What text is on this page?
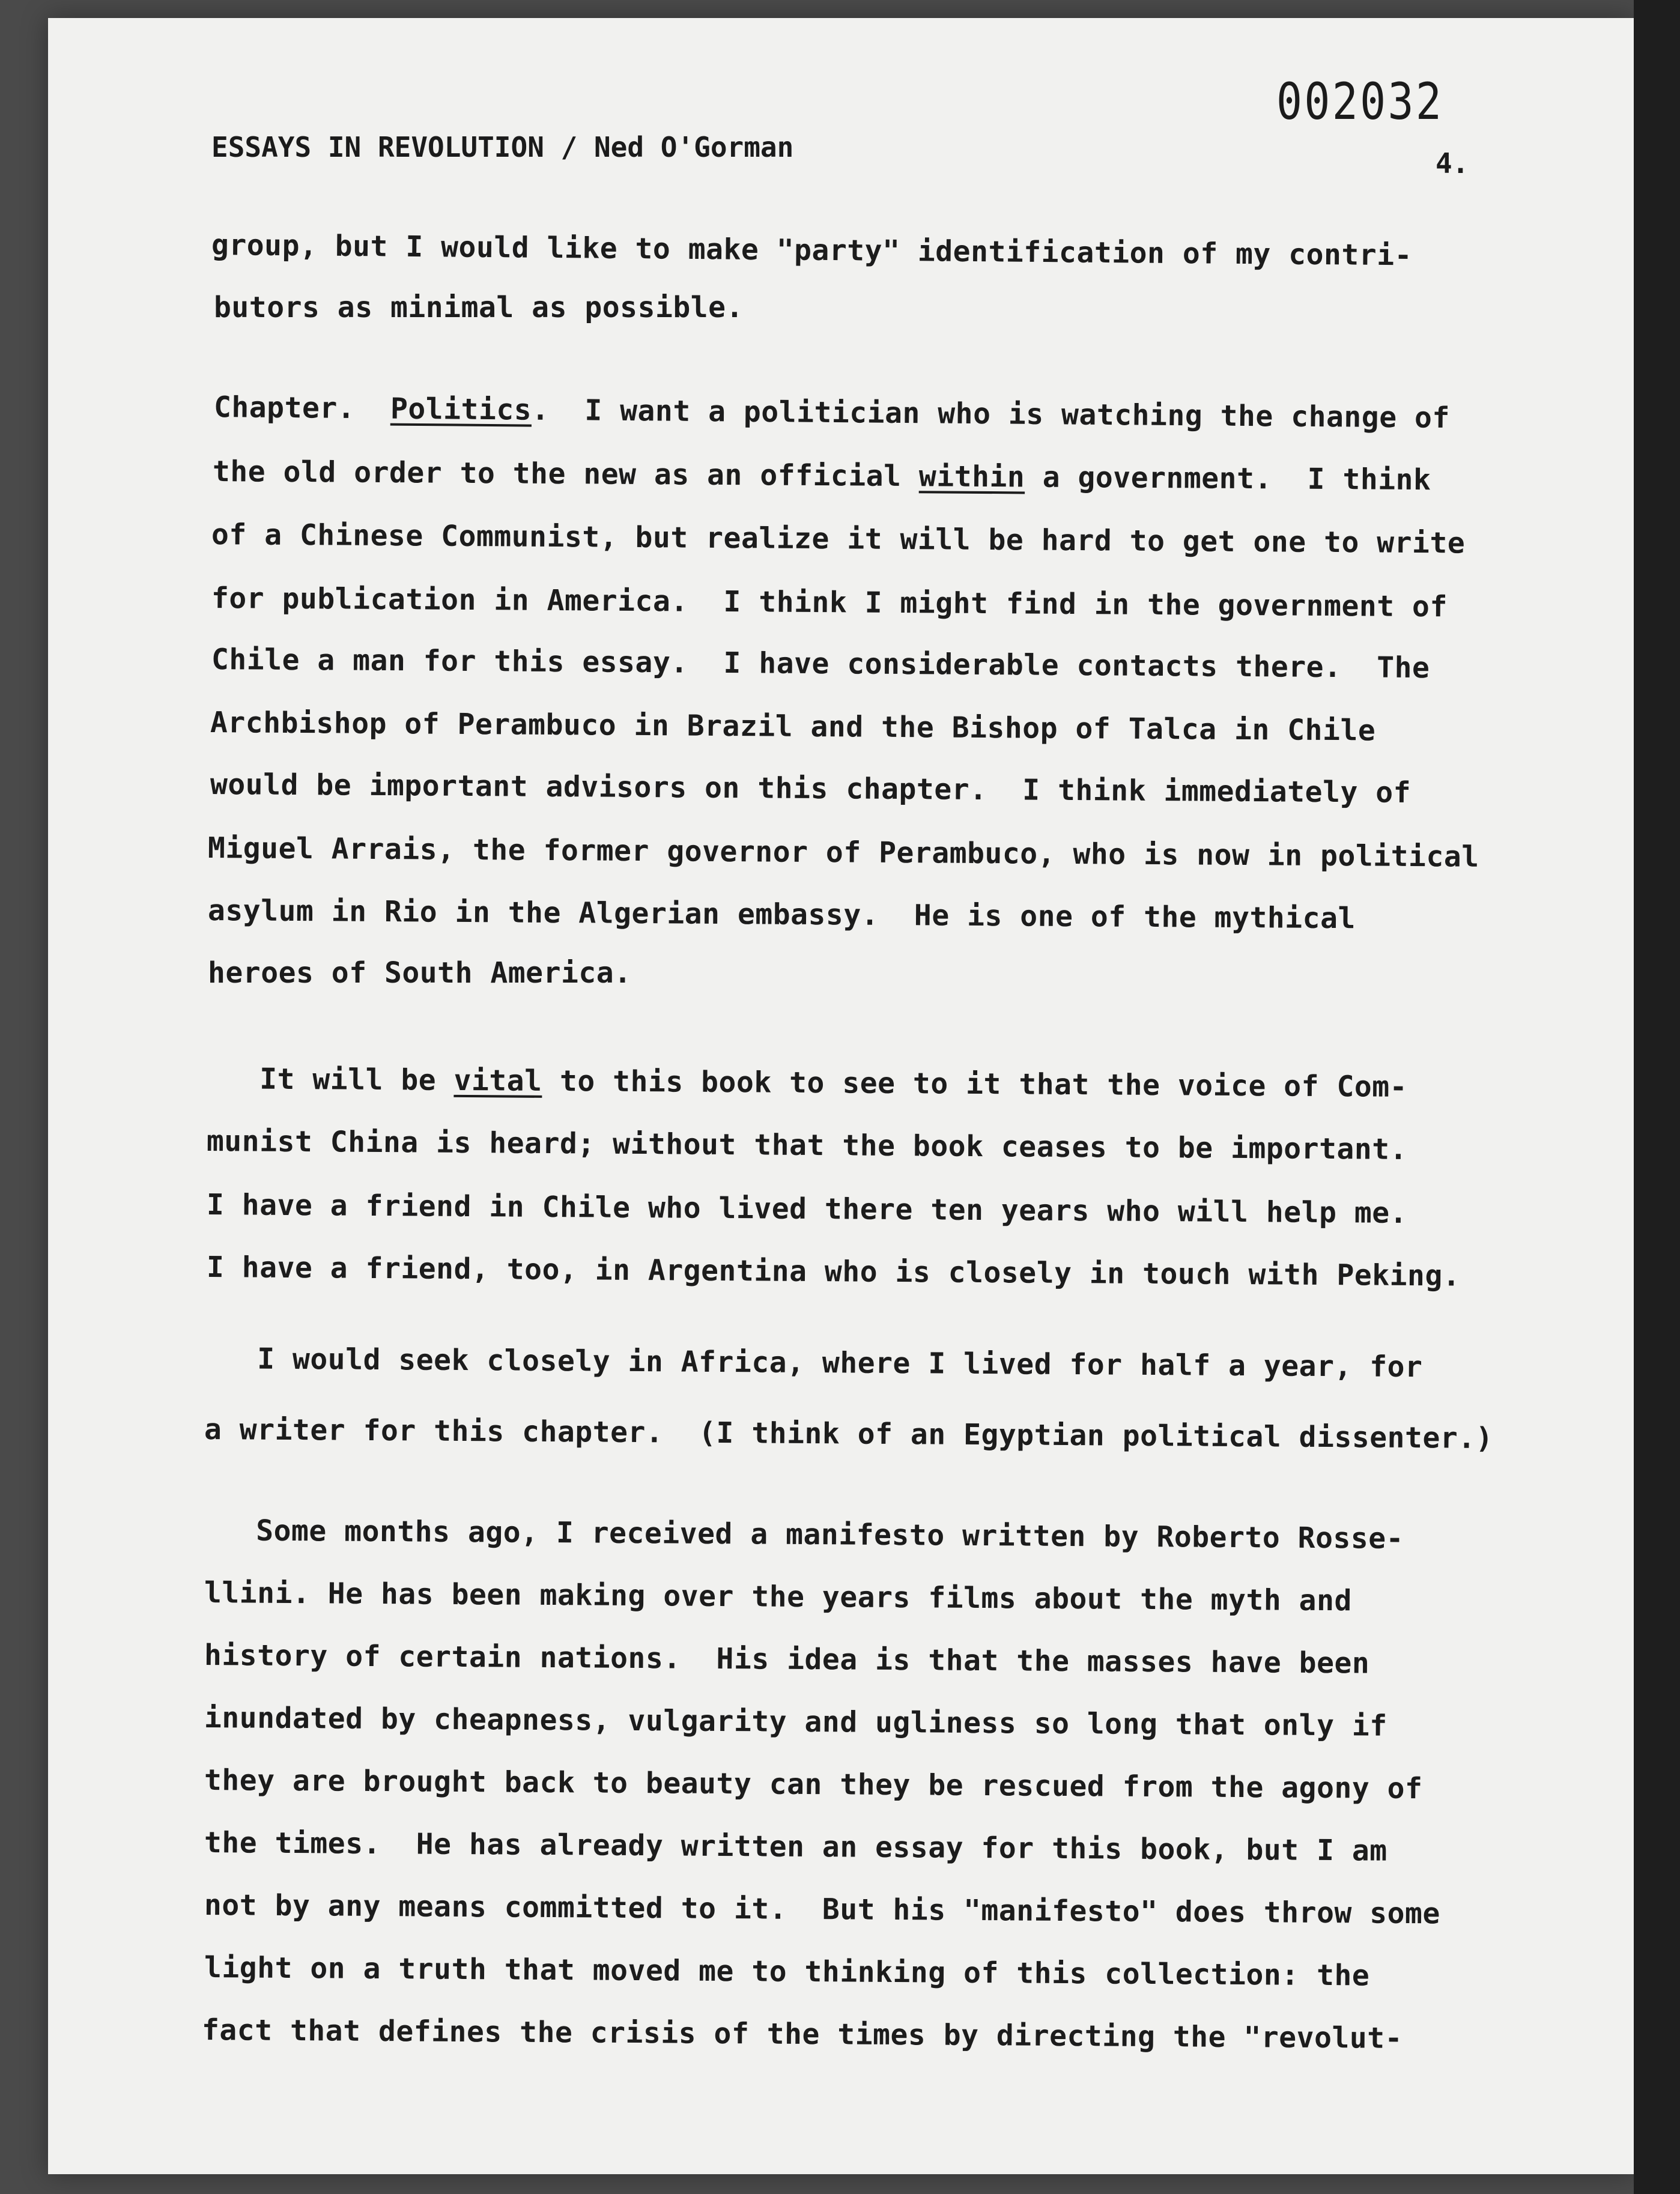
002032
ESSAYS IN REVOLUTION / Ned O'Gorman	4.
group, but I would like to make "party" identification of my contri-
butors as minimal as possible.
Chapter.  Politics.  I want a politician who is watching the change of
the old order to the new as an official within a government.  I think
of a Chinese Communist, but realize it will be hard to get one to write
for publication in America.  I think I might find in the government of
Chile a man for this essay.  I have considerable contacts there.  The
Archbishop of Perambuco in Brazil and the Bishop of Talca in Chile
would be important advisors on this chapter.  I think immediately of
Miguel Arrais, the former governor of Perambuco, who is now in political
asylum in Rio in the Algerian embassy.  He is one of the mythical
heroes of South America.
It will be vital to this book to see to it that the voice of Com-
munist China is heard; without that the book ceases to be important.
I have a friend in Chile who lived there ten years who will help me.
I have a friend, too, in Argentina who is closely in touch with Peking.
I would seek closely in Africa, where I lived for half a year, for
a writer for this chapter.  (I think of an Egyptian political dissenter.)
Some months ago, I received a manifesto written by Roberto Rosse-
llini. He has been making over the years films about the myth and
history of certain nations.  His idea is that the masses have been
inundated by cheapness, vulgarity and ugliness so long that only if
they are brought back to beauty can they be rescued from the agony of
the times.  He has already written an essay for this book, but I am
not by any means committed to it.  But his "manifesto" does throw some
light on a truth that moved me to thinking of this collection: the
fact that defines the crisis of the times by directing the "revolut-
